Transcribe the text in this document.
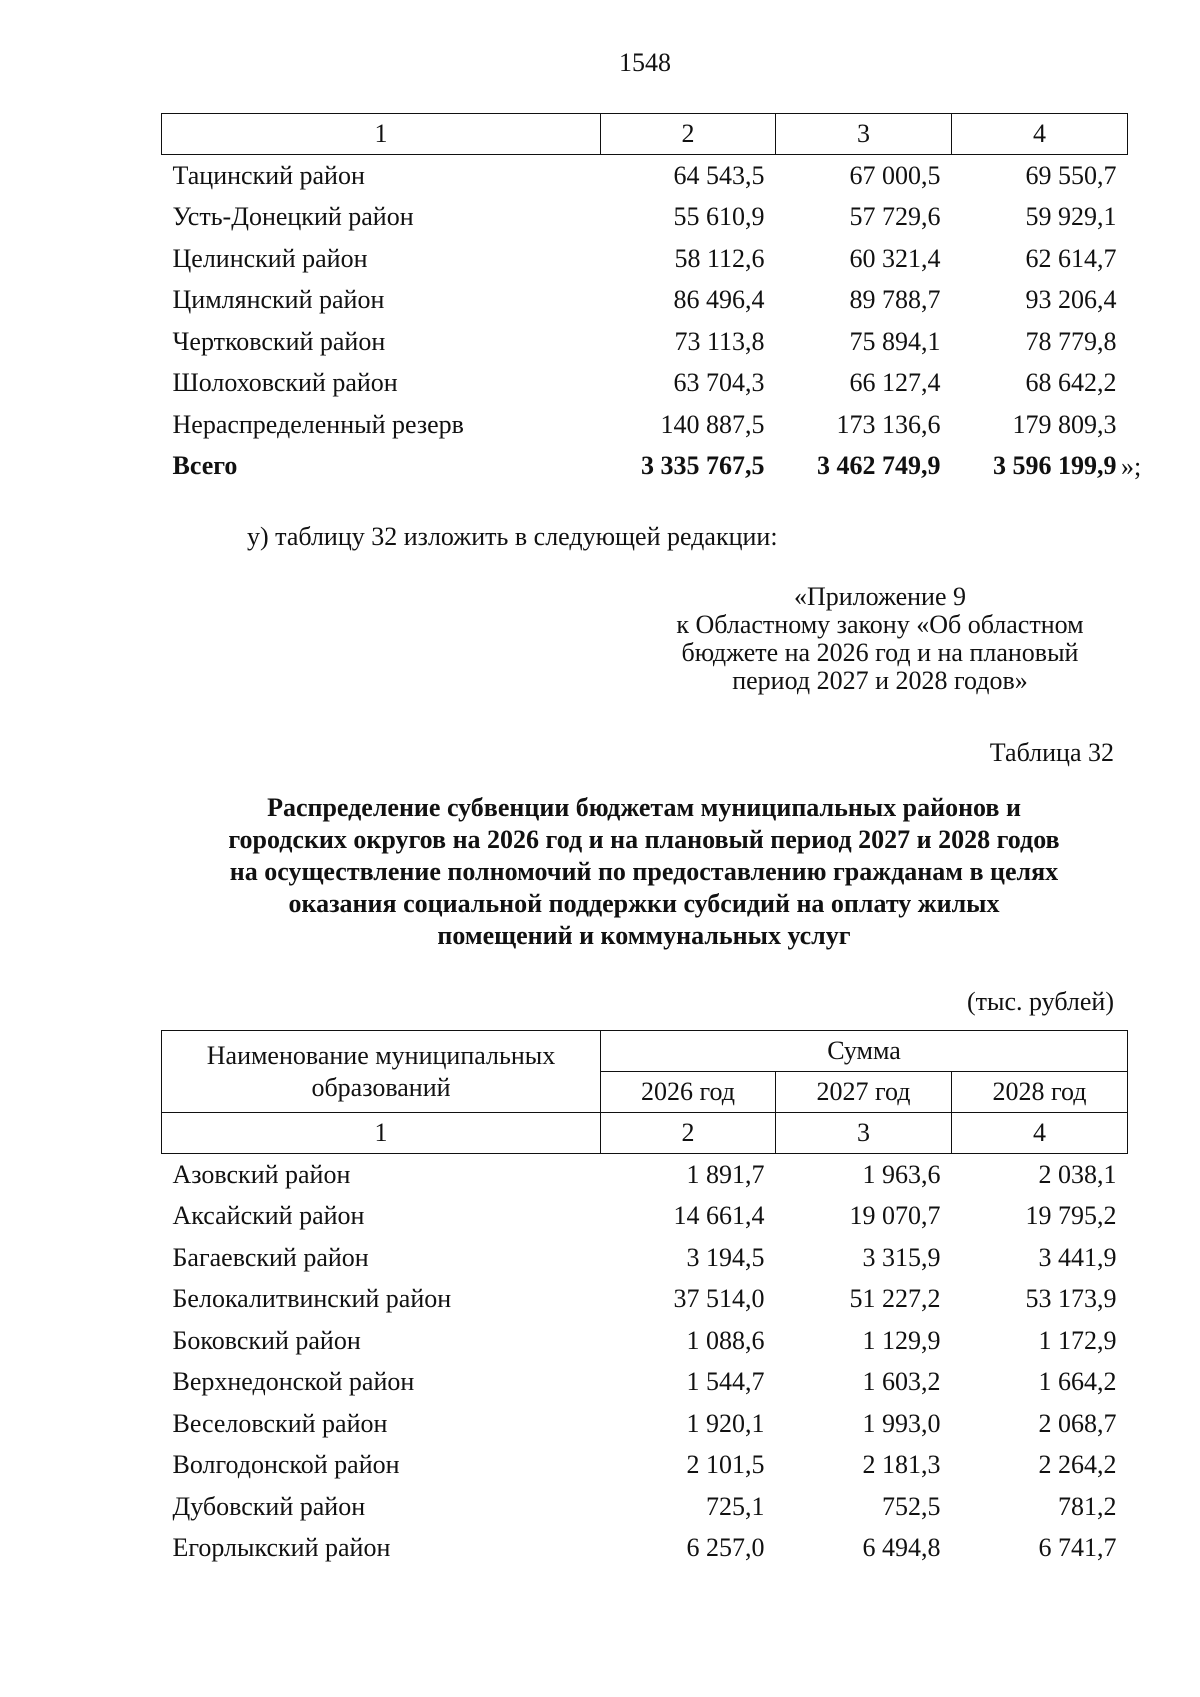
1548
1	2	3	4
Тацинский район	64 543,5	67 000,5	69 550,7
Усть-Донецкий район	55 610,9	57 729,6	59 929,1
Целинский район	58 112,6	60 321,4	62 614,7
Цимлянский район	86 496,4	89 788,7	93 206,4
Чертковский район	73 113,8	75 894,1	78 779,8
Шолоховский район	63 704,3	66 127,4	68 642,2
Нераспределенный резерв	140 887,5	173 136,6	179 809,3
Всего	3 335 767,5	3 462 749,9	3 596 199,9 »;
у) таблицу 32 изложить в следующей редакции:
«Приложение 9
к Областному закону «Об областном
бюджете на 2026 год и на плановый
период 2027 и 2028 годов»
Таблица 32
Распределение субвенции бюджетам муниципальных районов и
городских округов на 2026 год и на плановый период 2027 и 2028 годов
на осуществление полномочий по предоставлению гражданам в целях
оказания социальной поддержки субсидий на оплату жилых
помещений и коммунальных услуг
(тыс. рублей)
Наименование муниципальных
образований	Сумма		
	2026 год	2027 год	2028 год
1	2	3	4
Азовский район	1 891,7	1 963,6	2 038,1
Аксайский район	14 661,4	19 070,7	19 795,2
Багаевский район	3 194,5	3 315,9	3 441,9
Белокалитвинский район	37 514,0	51 227,2	53 173,9
Боковский район	1 088,6	1 129,9	1 172,9
Верхнедонской район	1 544,7	1 603,2	1 664,2
Веселовский район	1 920,1	1 993,0	2 068,7
Волгодонской район	2 101,5	2 181,3	2 264,2
Дубовский район	725,1	752,5	781,2
Егорлыкский район	6 257,0	6 494,8	6 741,7
